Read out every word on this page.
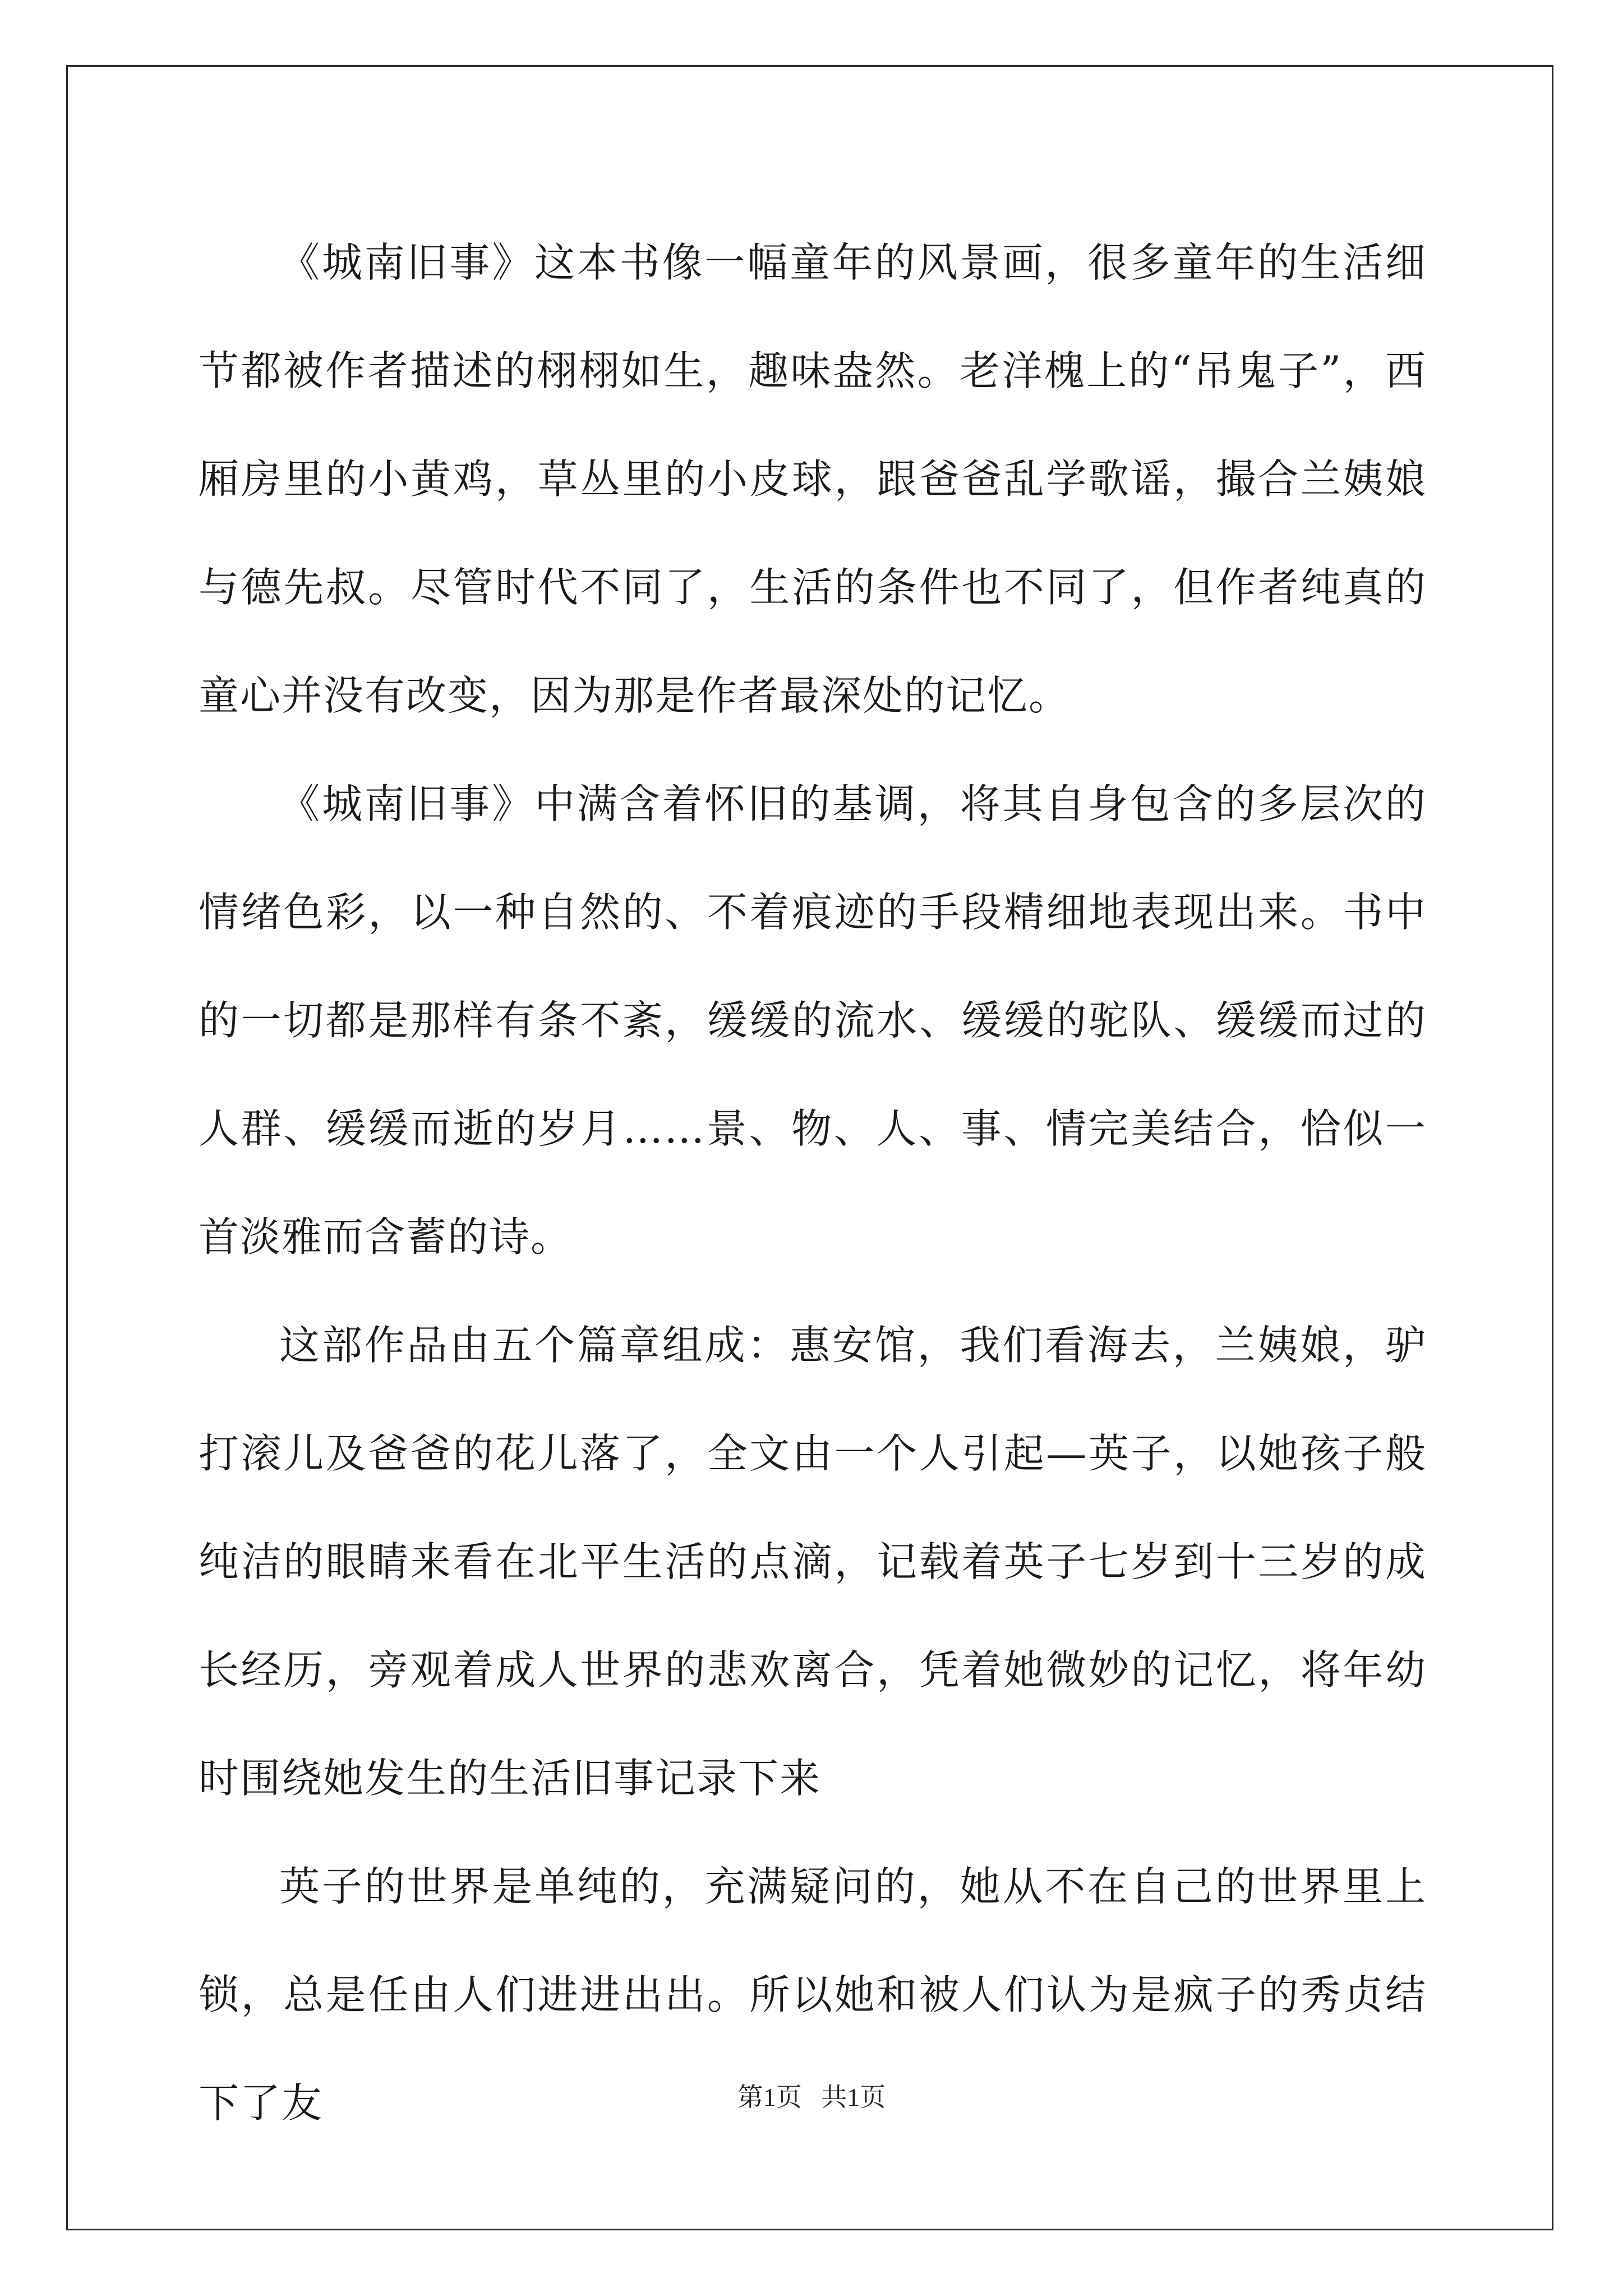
《城南旧事》这本书像一幅童年的风景画，很多童年的生活细节都被作者描述的栩栩如生，趣味盎然。老洋槐上的“吊鬼子”，西厢房里的小黄鸡，草丛里的小皮球，跟爸爸乱学歌谣，撮合兰姨娘与德先叔。尽管时代不同了，生活的条件也不同了，但作者纯真的童心并没有改变，因为那是作者最深处的记忆。

《城南旧事》中满含着怀旧的基调，将其自身包含的多层次的情绪色彩，以一种自然的、不着痕迹的手段精细地表现出来。书中的一切都是那样有条不紊，缓缓的流水、缓缓的驼队、缓缓而过的人群、缓缓而逝的岁月……景、物、人、事、情完美结合，恰似一首淡雅而含蓄的诗。

这部作品由五个篇章组成：惠安馆，我们看海去，兰姨娘，驴打滚儿及爸爸的花儿落了，全文由一个人引起—英子，以她孩子般纯洁的眼睛来看在北平生活的点滴，记载着英子七岁到十三岁的成长经历，旁观着成人世界的悲欢离合，凭着她微妙的记忆，将年幼时围绕她发生的生活旧事记录下来

英子的世界是单纯的，充满疑问的，她从不在自己的世界里上锁，总是任由人们进进出出。所以她和被人们认为是疯子的秀贞结下了友	第1页   共1页
